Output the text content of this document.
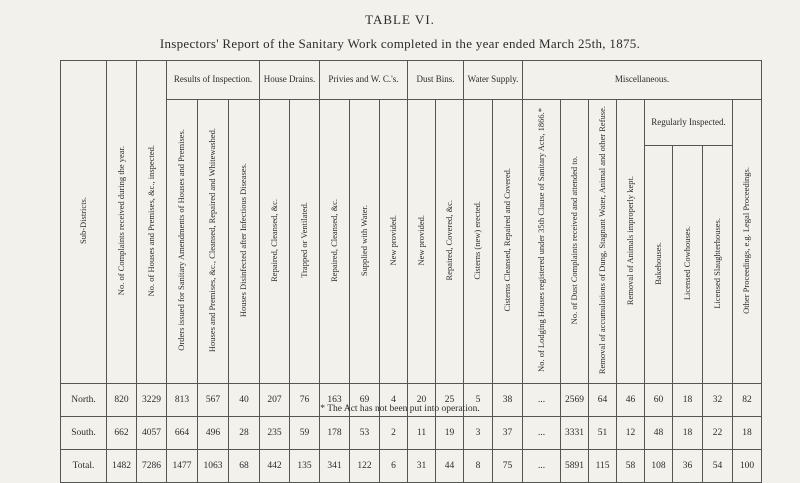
TABLE VI.
Inspectors' Report of the Sanitary Work completed in the year ended March 25th, 1875.
Sub-Districts.	No. of Complaints received during the year.	No. of Houses and Premises, &c., inspected.	Results of Inspection.			House Drains.		Privies and W. C.'s.			Dust Bins.		Water Supply.		Miscellaneous.							
			Orders issued for Sanitary Amendments of Houses and Premises.	Houses and Premises, &c., Cleansed, Repaired and Whitewashed.	Houses Disinfected after Infectious Diseases.	Repaired, Cleansed, &c.	Trapped or Ventilated.	Repaired, Cleansed, &c.	Supplied with Water.	New provided.	New provided.	Repaired, Covered, &c.	Cisterns (new) erected.	Cisterns Cleansed, Repaired and Covered.	No. of Lodging Houses registered under 35th Clause of Sanitary Acts, 1866.*	No. of Dust Complaints received and attended to.	Removal of accumulations of Dung, Stagnant Water, Animal and other Refuse.	Removal of Animals improperly kept.	Regularly Inspected.			Other Proceedings, e.g. Legal Proceedings.
																			Bakehouses.	Licensed Cowhouses.	Licensed Slaughterhouses.	
North.	820	3229	813	567	40	207	76	163	69	4	20	25	5	38	...	2569	64	46	60	18	32	82
South.	662	4057	664	496	28	235	59	178	53	2	11	19	3	37	...	3331	51	12	48	18	22	18
Total.	1482	7286	1477	1063	68	442	135	341	122	6	31	44	8	75	...	5891	115	58	108	36	54	100
* The Act has not been put into operation.
